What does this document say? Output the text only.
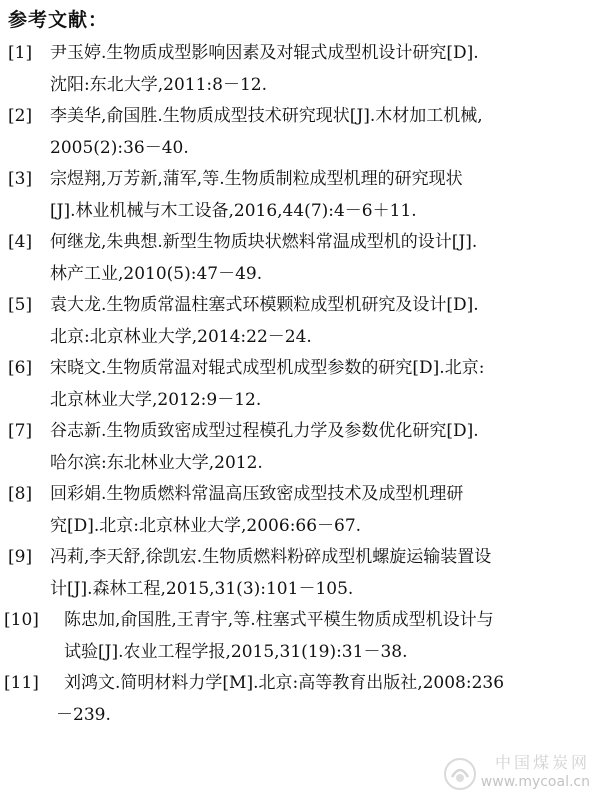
参考文献：
[1] 尹玉婷.生物质成型影响因素及对辊式成型机设计研究[D].
沈阳:东北大学,2011:8－12.
[2] 李美华,俞国胜.生物质成型技术研究现状[J].木材加工机械,
2005(2):36－40.
[3] 宗煜翔,万芳新,蒲军,等.生物质制粒成型机理的研究现状
[J].林业机械与木工设备,2016,44(7):4－6＋11.
[4] 何继龙,朱典想.新型生物质块状燃料常温成型机的设计[J].
林产工业,2010(5):47－49.
[5] 袁大龙.生物质常温柱塞式环模颗粒成型机研究及设计[D].
北京:北京林业大学,2014:22－24.
[6] 宋晓文.生物质常温对辊式成型机成型参数的研究[D].北京:
北京林业大学,2012:9－12.
[7] 谷志新.生物质致密成型过程模孔力学及参数优化研究[D].
哈尔滨:东北林业大学,2012.
[8] 回彩娟.生物质燃料常温高压致密成型技术及成型机理研
究[D].北京:北京林业大学,2006:66－67.
[9] 冯莉,李天舒,徐凯宏.生物质燃料粉碎成型机螺旋运输装置设
计[J].森林工程,2015,31(3):101－105.
[10] 陈忠加,俞国胜,王青宇,等.柱塞式平模生物质成型机设计与
试验[J].农业工程学报,2015,31(19):31－38.
[11] 刘鸿文.简明材料力学[M].北京:高等教育出版社,2008:236
－239.
中国煤炭网
www.mycoal.cn
